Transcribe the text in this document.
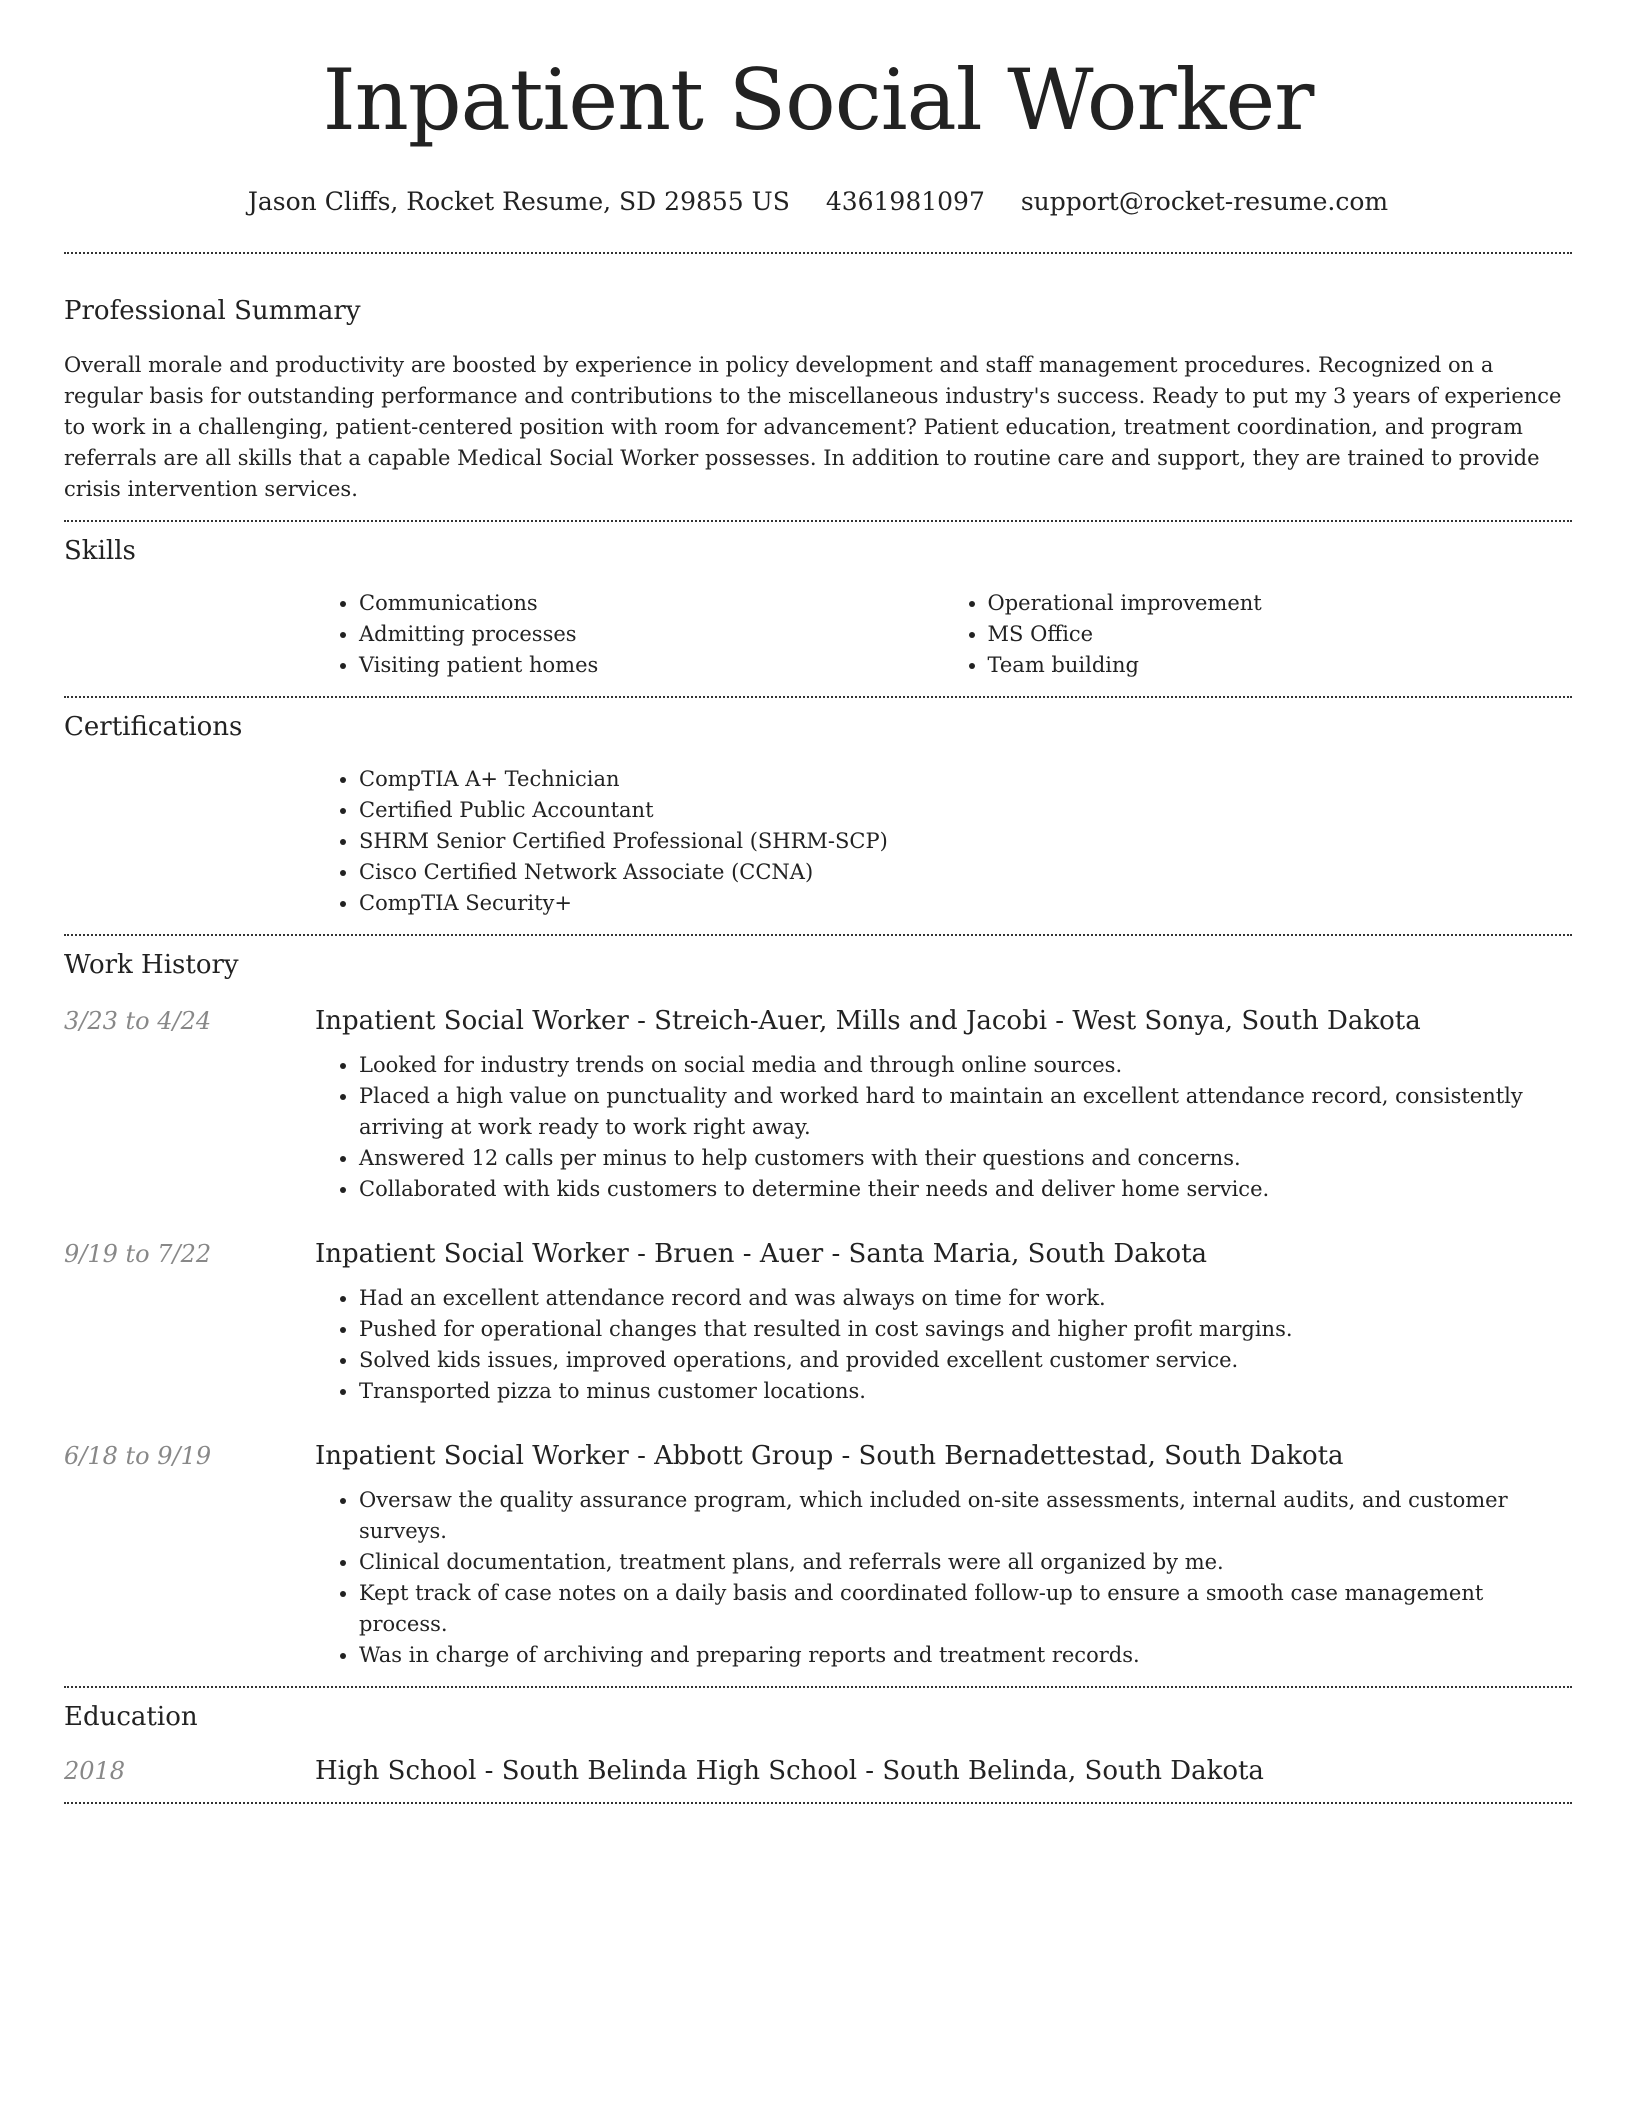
Inpatient Social Worker
Jason Cliffs, Rocket Resume, SD 29855 US 4361981097 support@rocket-resume.com
Professional Summary

Overall morale and productivity are boosted by experience in policy development and staff management procedures. Recognized on a regular basis for outstanding performance and contributions to the miscellaneous industry's success. Ready to put my 3 years of experience to work in a challenging, patient-centered position with room for advancement? Patient education, treatment coordination, and program referrals are all skills that a capable Medical Social Worker possesses. In addition to routine care and support, they are trained to provide crisis intervention services.

Skills
• Communications
• Admitting processes
• Visiting patient homes
• Operational improvement
• MS Office
• Team building
Certifications
• CompTIA A+ Technician
• Certified Public Accountant
• SHRM Senior Certified Professional (SHRM-SCP)
• Cisco Certified Network Associate (CCNA)
• CompTIA Security+
Work History
3/23 to 4/24	Inpatient Social Worker - Streich-Auer, Mills and Jacobi - West Sonya, South Dakota
• Looked for industry trends on social media and through online sources.
• Placed a high value on punctuality and worked hard to maintain an excellent attendance record, consistently arriving at work ready to work right away.
• Answered 12 calls per minus to help customers with their questions and concerns.
• Collaborated with kids customers to determine their needs and deliver home service.
9/19 to 7/22	Inpatient Social Worker - Bruen - Auer - Santa Maria, South Dakota
• Had an excellent attendance record and was always on time for work.
• Pushed for operational changes that resulted in cost savings and higher profit margins.
• Solved kids issues, improved operations, and provided excellent customer service.
• Transported pizza to minus customer locations.
6/18 to 9/19	Inpatient Social Worker - Abbott Group - South Bernadettestad, South Dakota
• Oversaw the quality assurance program, which included on-site assessments, internal audits, and customer surveys.
• Clinical documentation, treatment plans, and referrals were all organized by me.
• Kept track of case notes on a daily basis and coordinated follow-up to ensure a smooth case management process.
• Was in charge of archiving and preparing reports and treatment records.
Education
2018	High School - South Belinda High School - South Belinda, South Dakota
